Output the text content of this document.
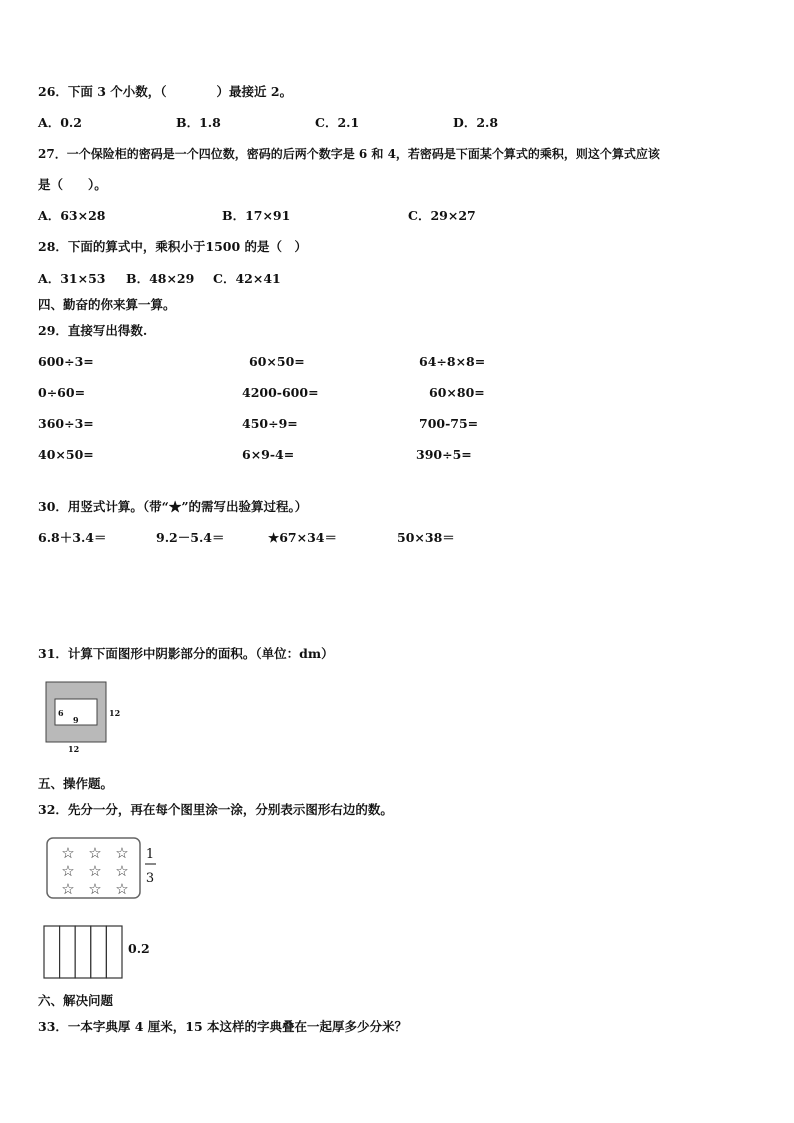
26．下面 3 个小数，（　　　　）最接近 2。
A．0.2	B．1.8	C．2.1	D．2.8
27．一个保险柜的密码是一个四位数，密码的后两个数字是 6 和 4，若密码是下面某个算式的乘积，则这个算式应该
是（　　）。
A．63×28	B．17×91	C．29×27
28．下面的算式中，乘积小于1500 的是（　）
A．31×53 B．48×29 C．42×41
四、勤奋的你来算一算。
29．直接写出得数.
600÷3=	60×50=	64÷8×8=
0÷60=	4200-600=	60×80=
360÷3=	450÷9=	700-75=
40×50=	6×9-4=	390÷5=
30．用竖式计算。（带“★”的需写出验算过程。）
6.8＋3.4＝	9.2－5.4＝	★67×34＝	50×38＝
31．计算下面图形中阴影部分的面积。（单位：dm）
6
9
12
12
五、操作题。
32．先分一分，再在每个图里涂一涂，分别表示图形右边的数。
☆ ☆ ☆
☆ ☆ ☆
☆ ☆ ☆
1
3
0.2
六、解决问题
33．一本字典厚 4 厘米，15 本这样的字典叠在一起厚多少分米？
